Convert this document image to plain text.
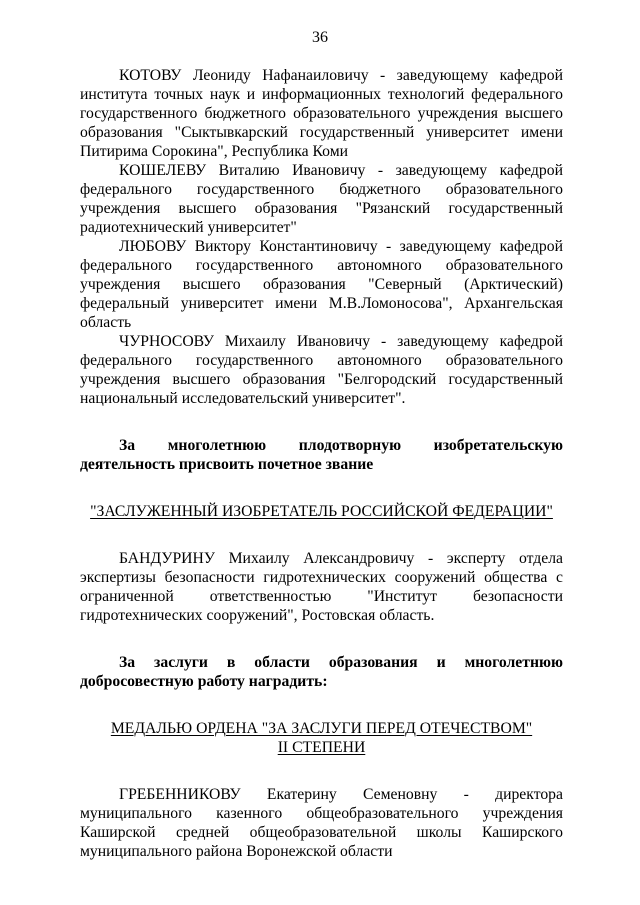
36

КОТОВУ Леониду Нафанаиловичу - заведующему кафедрой института точных наук и информационных технологий федерального государственного бюджетного образовательного учреждения высшего образования "Сыктывкарский государственный университет имени Питирима Сорокина", Республика Коми

КОШЕЛЕВУ Виталию Ивановичу - заведующему кафедрой федерального государственного бюджетного образовательного учреждения высшего образования "Рязанский государственный радиотехнический университет"

ЛЮБОВУ Виктору Константиновичу - заведующему кафедрой федерального государственного автономного образовательного учреждения высшего образования "Северный (Арктический) федеральный университет имени М.В.Ломоносова", Архангельская область

ЧУРНОСОВУ Михаилу Ивановичу - заведующему кафедрой федерального государственного автономного образовательного учреждения высшего образования "Белгородский государственный национальный исследовательский университет".

За многолетнюю плодотворную изобретательскую деятельность присвоить почетное звание

"ЗАСЛУЖЕННЫЙ ИЗОБРЕТАТЕЛЬ РОССИЙСКОЙ ФЕДЕРАЦИИ"

БАНДУРИНУ Михаилу Александровичу - эксперту отдела экспертизы безопасности гидротехнических сооружений общества с ограниченной ответственностью "Институт безопасности гидротехнических сооружений", Ростовская область.

За заслуги в области образования и многолетнюю добросовестную работу наградить:

МЕДАЛЬЮ ОРДЕНА "ЗА ЗАСЛУГИ ПЕРЕД ОТЕЧЕСТВОМ"
II СТЕПЕНИ

ГРЕБЕННИКОВУ Екатерину Семеновну - директора муниципального казенного общеобразовательного учреждения Каширской средней общеобразовательной школы Каширского муниципального района Воронежской области
